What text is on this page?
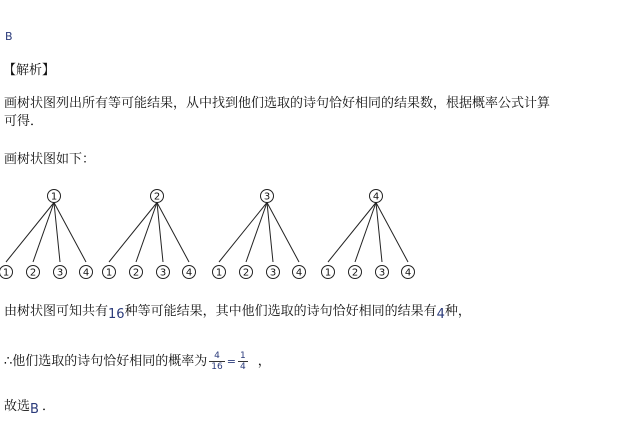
B
【解析】
画树状图列出所有等可能结果，从中找到他们选取的诗句恰好相同的结果数，根据概率公式计算
可得．
画树状图如下：
1
1 2 3 4
2
1 2 3 4
3
1 2 3 4
4
1 2 3 4
由树状图可知共有16种等可能结果，其中他们选取的诗句恰好相同的结果有4种，
∴他们选取的诗句恰好相同的概率为 $\frac{4}{16} = \frac{1}{4}$ ，
故选B ．
